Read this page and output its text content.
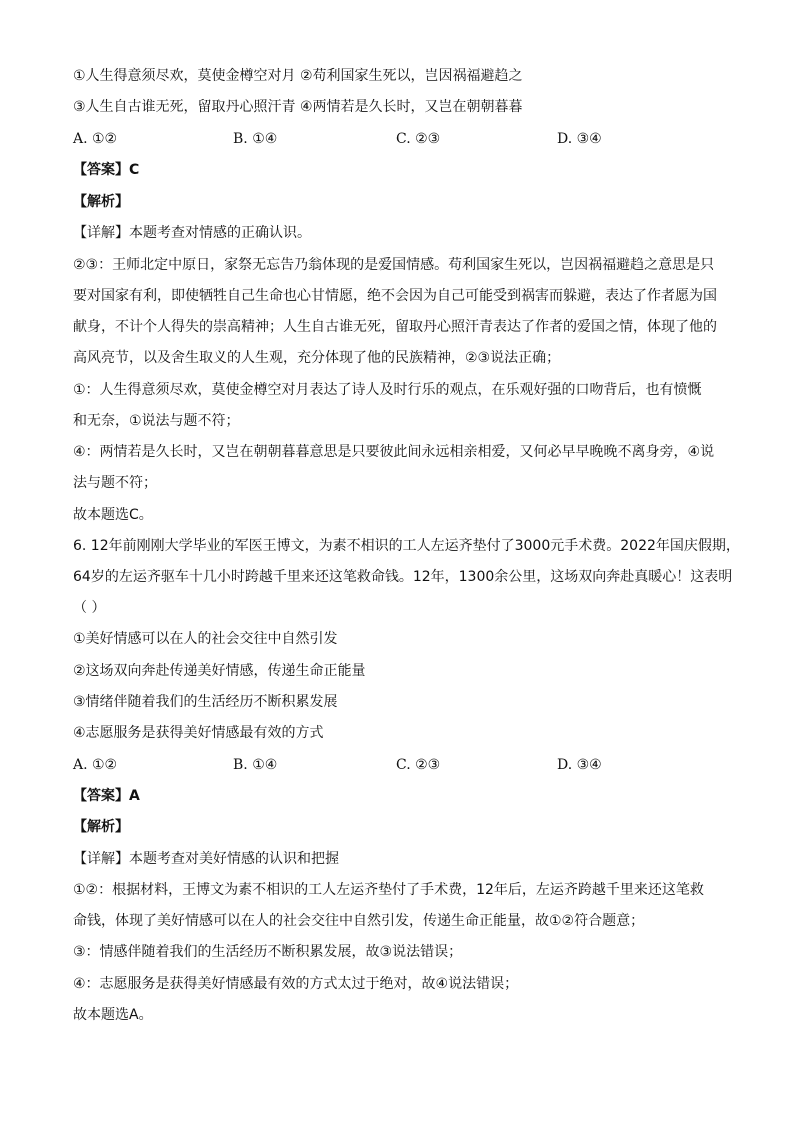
①人生得意须尽欢，莫使金樽空对月 ②苟利国家生死以，岂因祸福避趋之
③人生自古谁无死，留取丹心照汗青 ④两情若是久长时，又岂在朝朝暮暮
A. ①②	B. ①④	C. ②③	D. ③④
【答案】C
【解析】
【详解】本题考查对情感的正确认识。
②③：王师北定中原日，家祭无忘告乃翁体现的是爱国情感。苟利国家生死以，岂因祸福避趋之意思是只
要对国家有利，即使牺牲自己生命也心甘情愿，绝不会因为自己可能受到祸害而躲避，表达了作者愿为国
献身，不计个人得失的崇高精神；人生自古谁无死，留取丹心照汗青表达了作者的爱国之情，体现了他的
高风亮节，以及舍生取义的人生观，充分体现了他的民族精神，②③说法正确；
①：人生得意须尽欢，莫使金樽空对月表达了诗人及时行乐的观点，在乐观好强的口吻背后，也有愤慨
和无奈，①说法与题不符；
④：两情若是久长时，又岂在朝朝暮暮意思是只要彼此间永远相亲相爱，又何必早早晚晚不离身旁，④说
法与题不符；
故本题选C。
6. 12年前刚刚大学毕业的军医王博文，为素不相识的工人左运齐垫付了3000元手术费。2022年国庆假期，
64岁的左运齐驱车十几小时跨越千里来还这笔救命钱。12年，1300余公里，这场双向奔赴真暖心！这表明
（ ）
①美好情感可以在人的社会交往中自然引发
②这场双向奔赴传递美好情感，传递生命正能量
③情绪伴随着我们的生活经历不断积累发展
④志愿服务是获得美好情感最有效的方式
A. ①②	B. ①④	C. ②③	D. ③④
【答案】A
【解析】
【详解】本题考查对美好情感的认识和把握
①②：根据材料，王博文为素不相识的工人左运齐垫付了手术费，12年后，左运齐跨越千里来还这笔救
命钱，体现了美好情感可以在人的社会交往中自然引发，传递生命正能量，故①②符合题意；
③：情感伴随着我们的生活经历不断积累发展，故③说法错误；
④：志愿服务是获得美好情感最有效的方式太过于绝对，故④说法错误；
故本题选A。
